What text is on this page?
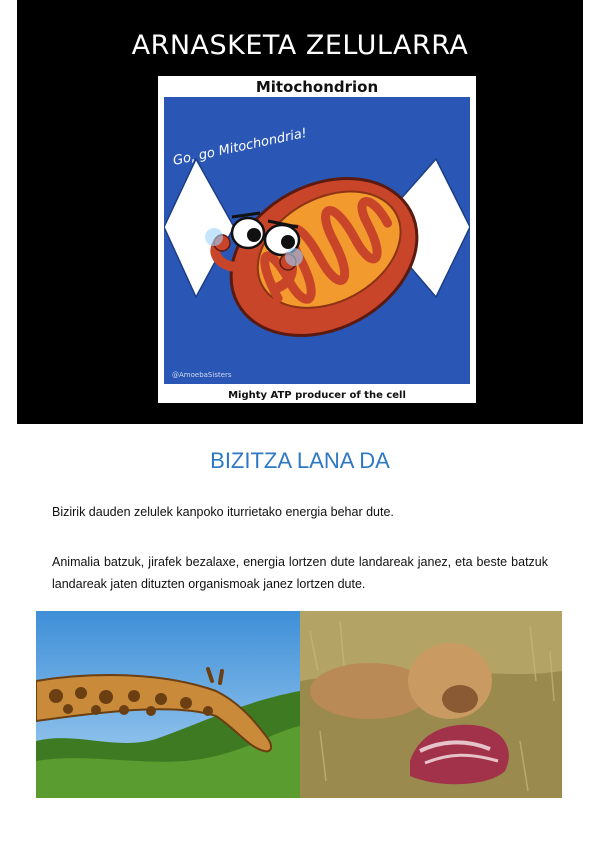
ARNASKETA ZELULARRA
Mitochondrion
Go, go Mitochondria!
@AmoebaSisters
Mighty ATP producer of the cell
BIZITZA LANA DA

Bizirik dauden zelulek kanpoko iturrietako energia behar dute.

Animalia batzuk, jirafek bezalaxe, energia lortzen dute landareak janez, eta beste batzuk landareak jaten dituzten organismoak janez lortzen dute.
